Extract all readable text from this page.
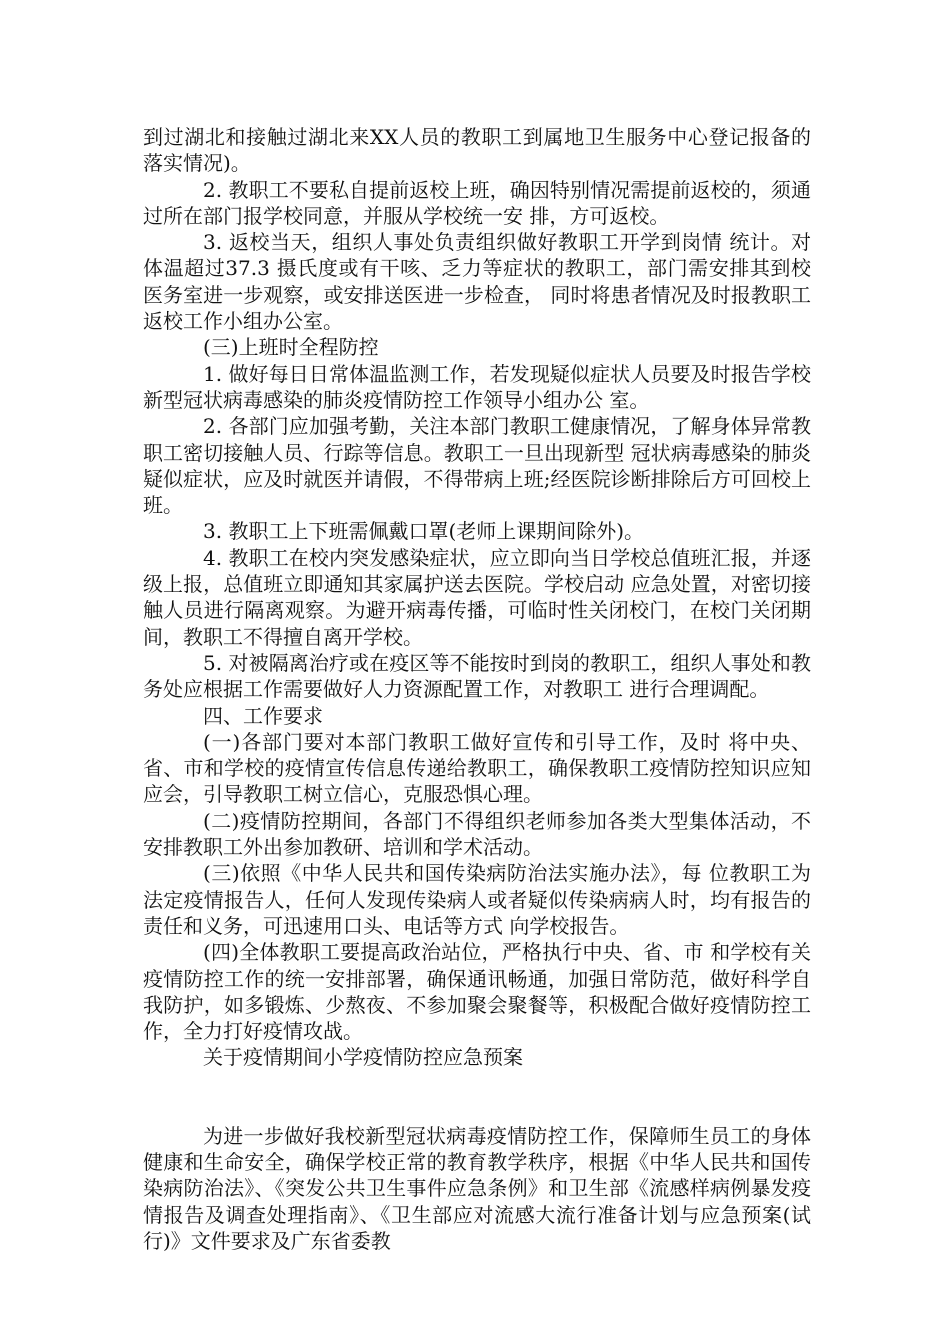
到过湖北和接触过湖北来XX人员的教职工到属地卫生服务中心登记报备的落实情况)。

2. 教职工不要私自提前返校上班，确因特别情况需提前返校的，须通过所在部门报学校同意，并服从学校统一安 排，方可返校。

3. 返校当天，组织人事处负责组织做好教职工开学到岗情 统计。对体温超过37.3 摄氏度或有干咳、乏力等症状的教职工，部门需安排其到校医务室进一步观察，或安排送医进一步检查， 同时将患者情况及时报教职工返校工作小组办公室。

(三)上班时全程防控

1. 做好每日日常体温监测工作，若发现疑似症状人员要及时报告学校新型冠状病毒感染的肺炎疫情防控工作领导小组办公 室。

2. 各部门应加强考勤，关注本部门教职工健康情况，了解身体异常教职工密切接触人员、行踪等信息。教职工一旦出现新型 冠状病毒感染的肺炎疑似症状，应及时就医并请假，不得带病上班;经医院诊断排除后方可回校上班。

3. 教职工上下班需佩戴口罩(老师上课期间除外)。

4. 教职工在校内突发感染症状，应立即向当日学校总值班汇报，并逐级上报，总值班立即通知其家属护送去医院。学校启动 应急处置，对密切接触人员进行隔离观察。为避开病毒传播，可临时性关闭校门，在校门关闭期间，教职工不得擅自离开学校。

5. 对被隔离治疗或在疫区等不能按时到岗的教职工，组织人事处和教务处应根据工作需要做好人力资源配置工作，对教职工 进行合理调配。

四、工作要求

(一)各部门要对本部门教职工做好宣传和引导工作，及时 将中央、省、市和学校的疫情宣传信息传递给教职工，确保教职工疫情防控知识应知应会，引导教职工树立信心，克服恐惧心理。

(二)疫情防控期间，各部门不得组织老师参加各类大型集体活动，不安排教职工外出参加教研、培训和学术活动。

(三)依照《中华人民共和国传染病防治法实施办法》，每 位教职工为法定疫情报告人，任何人发现传染病人或者疑似传染病病人时，均有报告的责任和义务，可迅速用口头、电话等方式 向学校报告。

(四)全体教职工要提高政治站位，严格执行中央、省、市 和学校有关疫情防控工作的统一安排部署，确保通讯畅通，加强日常防范，做好科学自我防护，如多锻炼、少熬夜、不参加聚会聚餐等，积极配合做好疫情防控工作，全力打好疫情攻战。

关于疫情期间小学疫情防控应急预案

为进一步做好我校新型冠状病毒疫情防控工作，保障师生员工的身体健康和生命安全，确保学校正常的教育教学秩序，根据《中华人民共和国传染病防治法》、《突发公共卫生事件应急条例》和卫生部《流感样病例暴发疫情报告及调查处理指南》、《卫生部应对流感大流行准备计划与应急预案(试行)》文件要求及广东省委教
